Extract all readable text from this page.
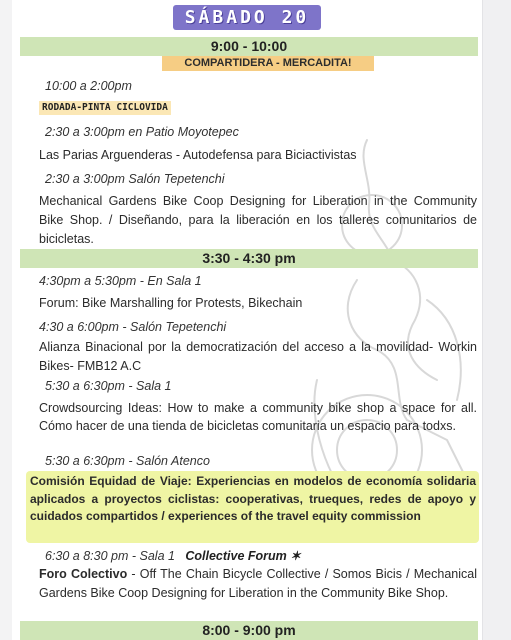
SÁBADO 20
9:00 - 10:00
COMPARTIDERA - MERCADITA!
10:00 a 2:00pm
RODADA-PINTA CICLOVIDA
2:30 a 3:00pm en Patio Moyotepec
Las Parias Arguenderas - Autodefensa para Biciactivistas
2:30 a 3:00pm Salón Tepetenchi
Mechanical Gardens Bike Coop Designing for Liberation in the Community Bike Shop. / Diseñando, para la liberación en los talleres comunitarios de bicicletas.
3:30 - 4:30 pm
4:30pm a 5:30pm - En Sala 1
Forum: Bike Marshalling for Protests, Bikechain
4:30 a 6:00pm - Salón Tepetenchi
Alianza Binacional por la democratización del acceso a la movilidad- Workin Bikes- FMB12 A.C
5:30 a 6:30pm - Sala 1
Crowdsourcing Ideas: How to make a community bike shop a space for all. Cómo hacer de una tienda de bicicletas comunitaria un espacio para todxs.
5:30 a 6:30pm - Salón Atenco
Comisión Equidad de Viaje: Experiencias en modelos de economía solidaria aplicados a proyectos ciclistas: cooperativas, trueques, redes de apoyo y cuidados compartidos / experiences of the travel equity commission
6:30 a 8:30 pm - Sala 1 Collective Forum ✶
Foro Colectivo - Off The Chain Bicycle Collective / Somos Bicis / Mechanical Gardens Bike Coop Designing for Liberation in the Community Bike Shop.
8:00 - 9:00 pm
